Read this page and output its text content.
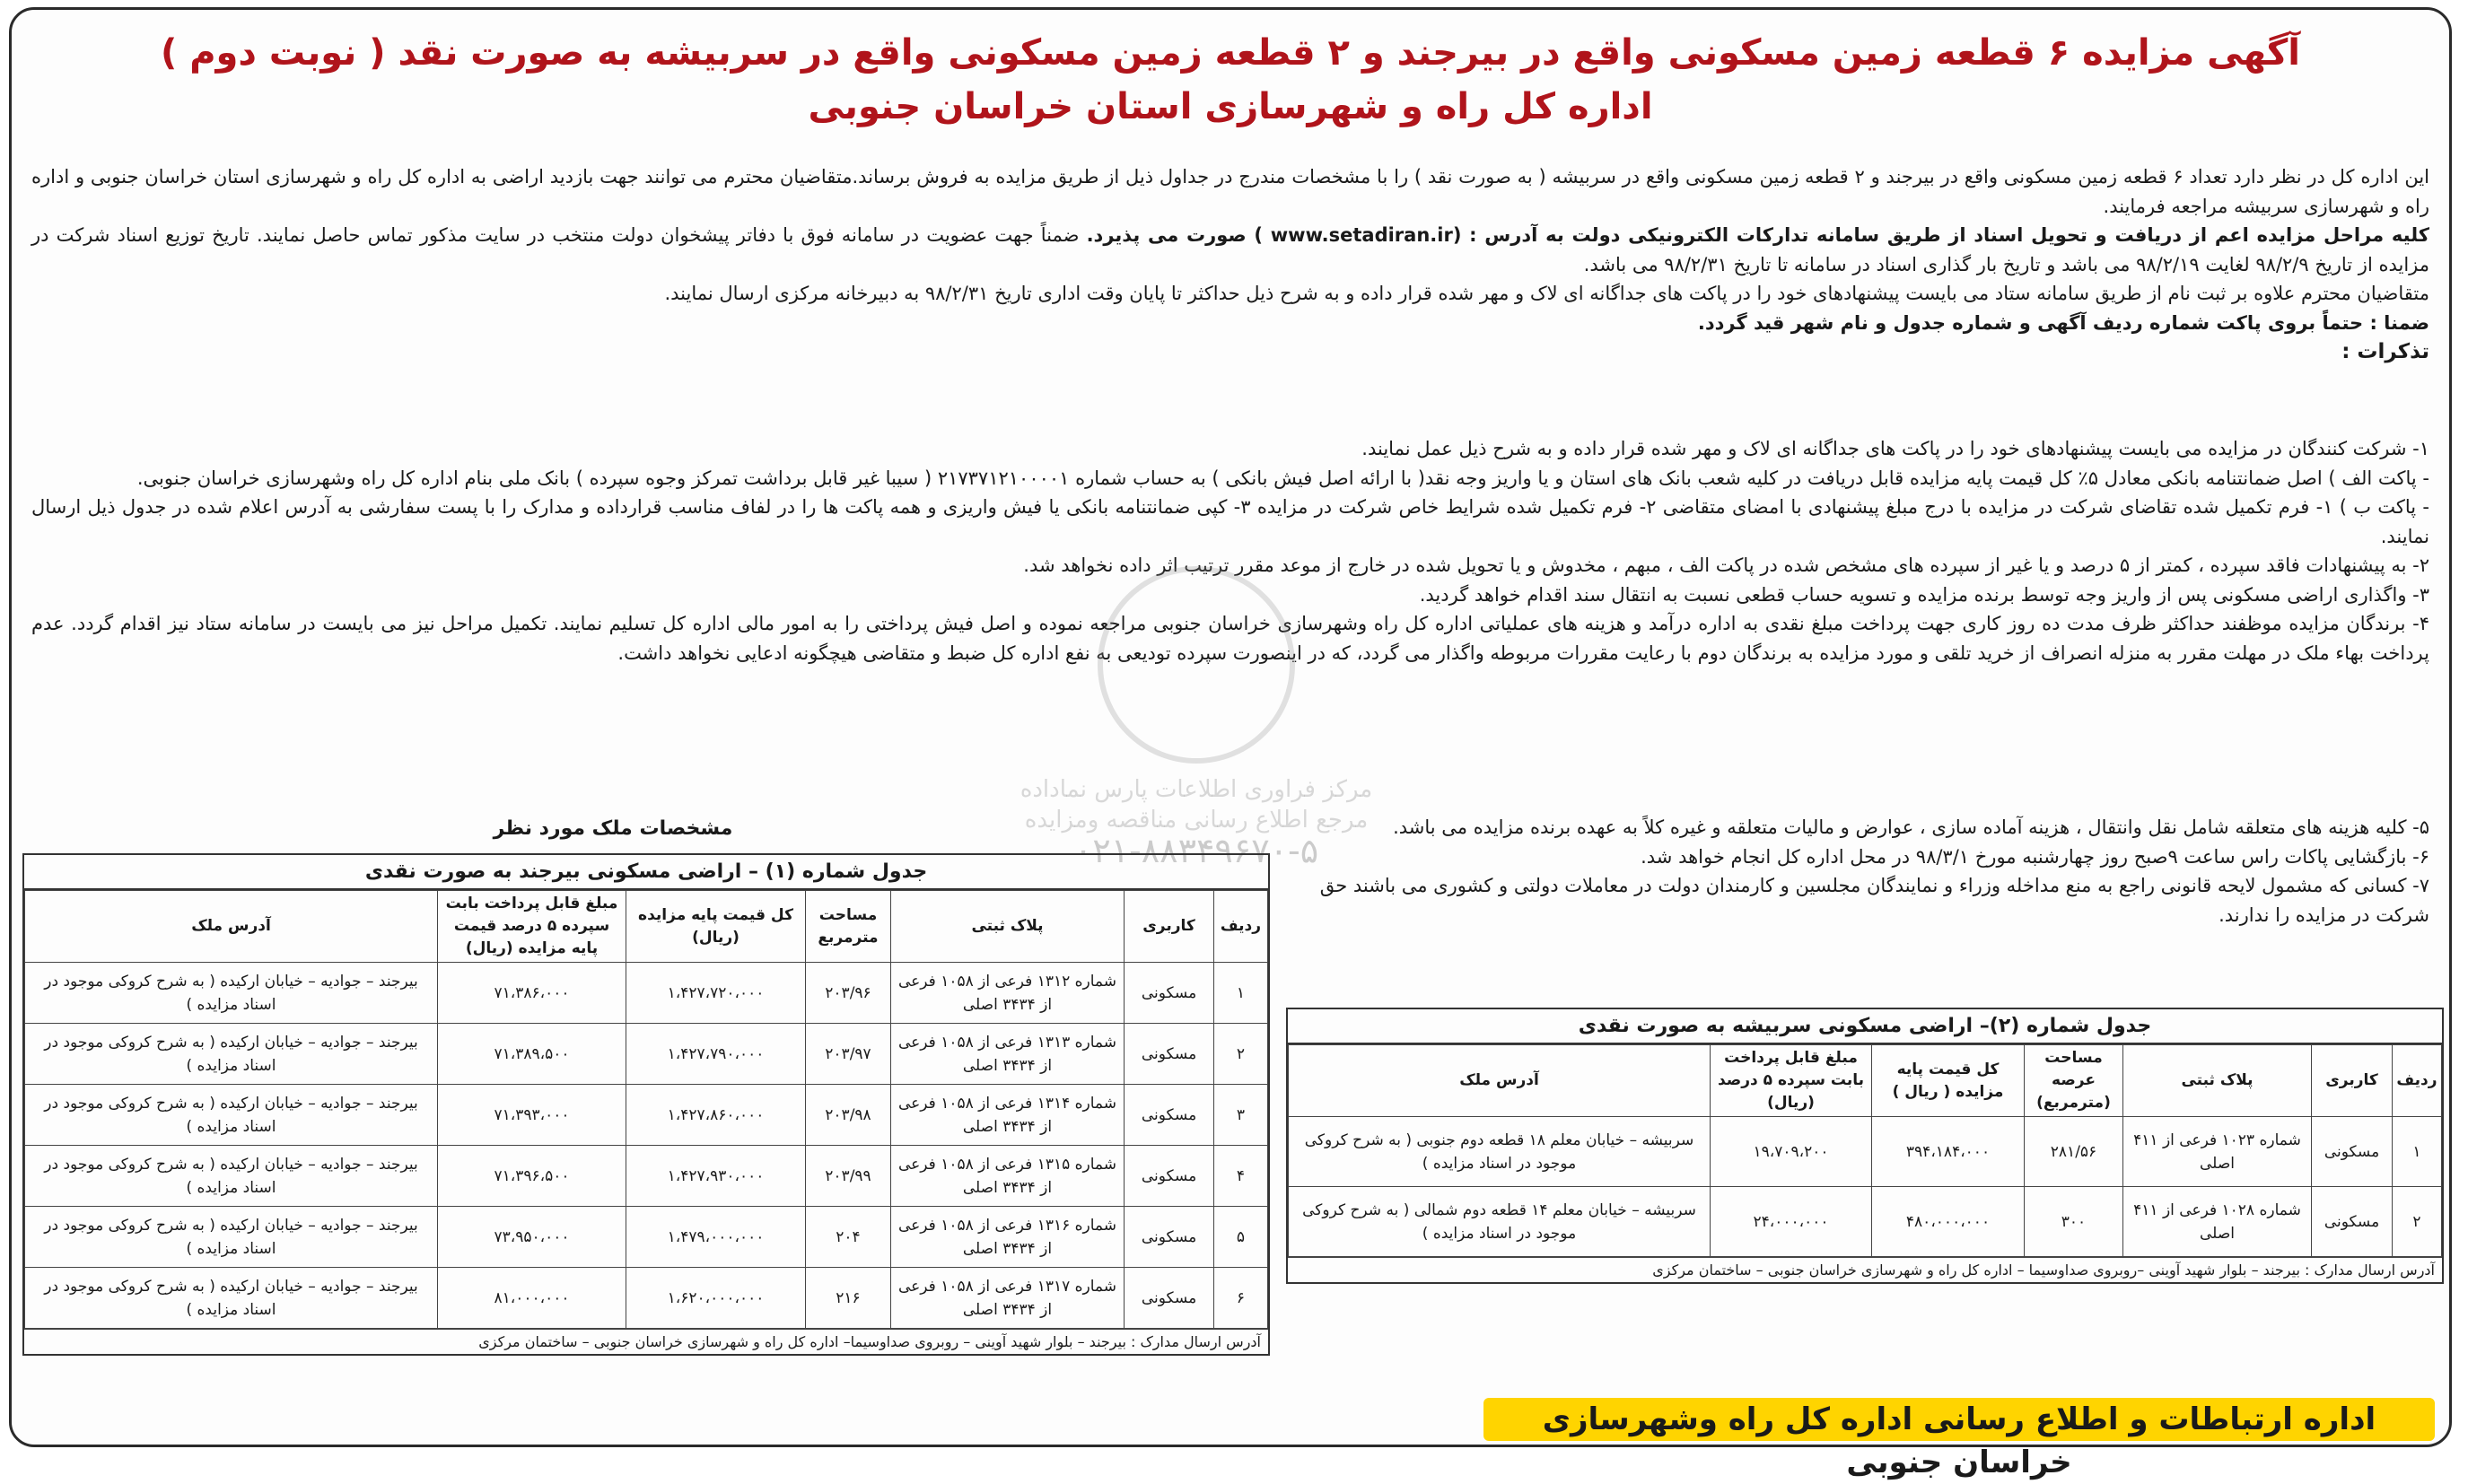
آگهی مزایده ۶ قطعه زمین مسکونی واقع در بیرجند و ۲ قطعه زمین مسکونی واقع در سربیشه به صورت نقد ( نوبت دوم )
اداره کل راه و شهرسازی استان خراسان جنوبی

این اداره کل در نظر دارد تعداد ۶ قطعه زمین مسکونی واقع در بیرجند و ۲ قطعه زمین مسکونی واقع در سربیشه ( به صورت نقد ) را با مشخصات مندرج در جداول ذیل از طریق مزایده به فروش برساند.متقاضیان محترم می توانند جهت بازدید اراضی به اداره کل راه و شهرسازی استان خراسان جنوبی و اداره راه و شهرسازی سربیشه مراجعه فرمایند.

کلیه مراحل مزایده اعم از دریافت و تحویل اسناد از طریق سامانه تدارکات الکترونیکی دولت به آدرس : (www.setadiran.ir ) صورت می پذیرد. ضمناً جهت عضویت در سامانه فوق با دفاتر پیشخوان دولت منتخب در سایت مذکور تماس حاصل نمایند. تاریخ توزیع اسناد شرکت در مزایده از تاریخ ۹۸/۲/۹ لغایت ۹۸/۲/۱۹ می باشد و تاریخ بار گذاری اسناد در سامانه تا تاریخ ۹۸/۲/۳۱ می باشد.

متقاضیان محترم علاوه بر ثبت نام از طریق سامانه ستاد می بایست پیشنهادهای خود را در پاکت های جداگانه ای لاک و مهر شده قرار داده و به شرح ذیل حداکثر تا پایان وقت اداری تاریخ ۹۸/۲/۳۱ به دبیرخانه مرکزی ارسال نمایند.

ضمنا : حتماً بروی پاکت شماره ردیف آگهی و شماره جدول و نام شهر قید گردد.

تذکرات :

۱- شرکت کنندگان در مزایده می بایست پیشنهادهای خود را در پاکت های جداگانه ای لاک و مهر شده قرار داده و به شرح ذیل عمل نمایند.

- پاکت الف ) اصل ضمانتنامه بانکی معادل ۵٪ کل قیمت پایه مزایده قابل دریافت در کلیه شعب بانک های استان و یا واریز وجه نقد( با ارائه اصل فیش بانکی ) به حساب شماره ۲۱۷۳۷۱۲۱۰۰۰۰۱ ( سیبا غیر قابل برداشت تمرکز وجوه سپرده ) بانک ملی بنام اداره کل راه وشهرسازی خراسان جنوبی.

- پاکت ب ) ۱- فرم تکمیل شده تقاضای شرکت در مزایده با درج مبلغ پیشنهادی با امضای متقاضی ۲- فرم تکمیل شده شرایط خاص شرکت در مزایده ۳- کپی ضمانتنامه بانکی یا فیش واریزی و همه پاکت ها را در لفاف مناسب قرارداده و مدارک را با پست سفارشی به آدرس اعلام شده در جدول ذیل ارسال نمایند.

۲- به پیشنهادات فاقد سپرده ، کمتر از ۵ درصد و یا غیر از سپرده های مشخص شده در پاکت الف ، مبهم ، مخدوش و یا تحویل شده در خارج از موعد مقرر ترتیب اثر داده نخواهد شد.

۳- واگذاری اراضی مسکونی پس از واریز وجه توسط برنده مزایده و تسویه حساب قطعی نسبت به انتقال سند اقدام خواهد گردید.

۴- برندگان مزایده موظفند حداکثر ظرف مدت ده روز کاری جهت پرداخت مبلغ نقدی به اداره درآمد و هزینه های عملیاتی اداره کل راه وشهرسازی خراسان جنوبی مراجعه نموده و اصل فیش پرداختی را به امور مالی اداره کل تسلیم نمایند. تکمیل مراحل نیز می بایست در سامانه ستاد نیز اقدام گردد. عدم پرداخت بهاء ملک در مهلت مقرر به منزله انصراف از خرید تلقی و مورد مزایده به برندگان دوم با رعایت مقررات مربوطه واگذار می گردد، که در اینصورت سپرده تودیعی به نفع اداره کل ضبط و متقاضی هیچگونه ادعایی نخواهد داشت.

۵- کلیه هزینه های متعلقه شامل نقل وانتقال ، هزینه آماده سازی ، عوارض و مالیات متعلقه و غیره کلاً به عهده برنده مزایده می باشد.

۶- بازگشایی پاکات راس ساعت ۹صبح روز چهارشنبه مورخ ۹۸/۳/۱ در محل اداره کل انجام خواهد شد.

۷- کسانی که مشمول لایحه قانونی راجع به منع مداخله وزراء و نمایندگان مجلسین و کارمندان دولت در معاملات دولتی و کشوری می باشند حق شرکت در مزایده را ندارند.

مرکز فراوری اطلاعات پارس نماداده
مرجع اطلاع رسانی مناقصه ومزایده
۰۲۱-۸۸۳۴۹۶۷۰-۵
مشخصات ملک مورد نظر
جدول شماره (۱) – اراضی مسکونی بیرجند به صورت نقدی
ردیف	کاربری	پلاک ثبتی	مساحت مترمربع	کل قیمت پایه مزایده (ریال)	مبلغ قابل پرداخت بابت سپرده ۵ درصد قیمت پایه مزایده (ریال)	آدرس ملک
۱	مسکونی	شماره ۱۳۱۲ فرعی از ۱۰۵۸ فرعی از ۳۴۳۴ اصلی	۲۰۳/۹۶	۱،۴۲۷،۷۲۰،۰۰۰	۷۱،۳۸۶،۰۰۰	بیرجند – جوادیه – خیابان ارکیده ( به شرح کروکی موجود در اسناد مزایده )
۲	مسکونی	شماره ۱۳۱۳ فرعی از ۱۰۵۸ فرعی از ۳۴۳۴ اصلی	۲۰۳/۹۷	۱،۴۲۷،۷۹۰،۰۰۰	۷۱،۳۸۹،۵۰۰	بیرجند – جوادیه – خیابان ارکیده ( به شرح کروکی موجود در اسناد مزایده )
۳	مسکونی	شماره ۱۳۱۴ فرعی از ۱۰۵۸ فرعی از ۳۴۳۴ اصلی	۲۰۳/۹۸	۱،۴۲۷،۸۶۰،۰۰۰	۷۱،۳۹۳،۰۰۰	بیرجند – جوادیه – خیابان ارکیده ( به شرح کروکی موجود در اسناد مزایده )
۴	مسکونی	شماره ۱۳۱۵ فرعی از ۱۰۵۸ فرعی از ۳۴۳۴ اصلی	۲۰۳/۹۹	۱،۴۲۷،۹۳۰،۰۰۰	۷۱،۳۹۶،۵۰۰	بیرجند – جوادیه – خیابان ارکیده ( به شرح کروکی موجود در اسناد مزایده )
۵	مسکونی	شماره ۱۳۱۶ فرعی از ۱۰۵۸ فرعی از ۳۴۳۴ اصلی	۲۰۴	۱،۴۷۹،۰۰۰،۰۰۰	۷۳،۹۵۰،۰۰۰	بیرجند – جوادیه – خیابان ارکیده ( به شرح کروکی موجود در اسناد مزایده )
۶	مسکونی	شماره ۱۳۱۷ فرعی از ۱۰۵۸ فرعی از ۳۴۳۴ اصلی	۲۱۶	۱،۶۲۰،۰۰۰،۰۰۰	۸۱،۰۰۰،۰۰۰	بیرجند – جوادیه – خیابان ارکیده ( به شرح کروکی موجود در اسناد مزایده )
آدرس ارسال مدارک : بیرجند – بلوار شهید آوینی – روبروی صداوسیما– اداره کل راه و شهرسازی خراسان جنوبی – ساختمان مرکزی
جدول شماره (۲)– اراضی مسکونی سربیشه به صورت نقدی
ردیف	کاربری	پلاک ثبتی	مساحت عرصه (مترمربع)	کل قیمت پایه مزایده ( ریال )	مبلغ قابل پرداخت بابت سپرده ۵ درصد (ریال)	آدرس ملک
۱	مسکونی	شماره ۱۰۲۳ فرعی از ۴۱۱ اصلی	۲۸۱/۵۶	۳۹۴،۱۸۴،۰۰۰	۱۹،۷۰۹،۲۰۰	سربیشه – خیابان معلم ۱۸ قطعه دوم جنوبی ( به شرح کروکی موجود در اسناد مزایده )
۲	مسکونی	شماره ۱۰۲۸ فرعی از ۴۱۱ اصلی	۳۰۰	۴۸۰،۰۰۰،۰۰۰	۲۴،۰۰۰،۰۰۰	سربیشه – خیابان معلم ۱۴ قطعه دوم شمالی ( به شرح کروکی موجود در اسناد مزایده )
آدرس ارسال مدارک : بیرجند – بلوار شهید آوینی –روبروی صداوسیما – اداره کل راه و شهرسازی خراسان جنوبی – ساختمان مرکزی
اداره ارتباطات و اطلاع رسانی اداره کل راه وشهرسازی خراسان جنوبی
